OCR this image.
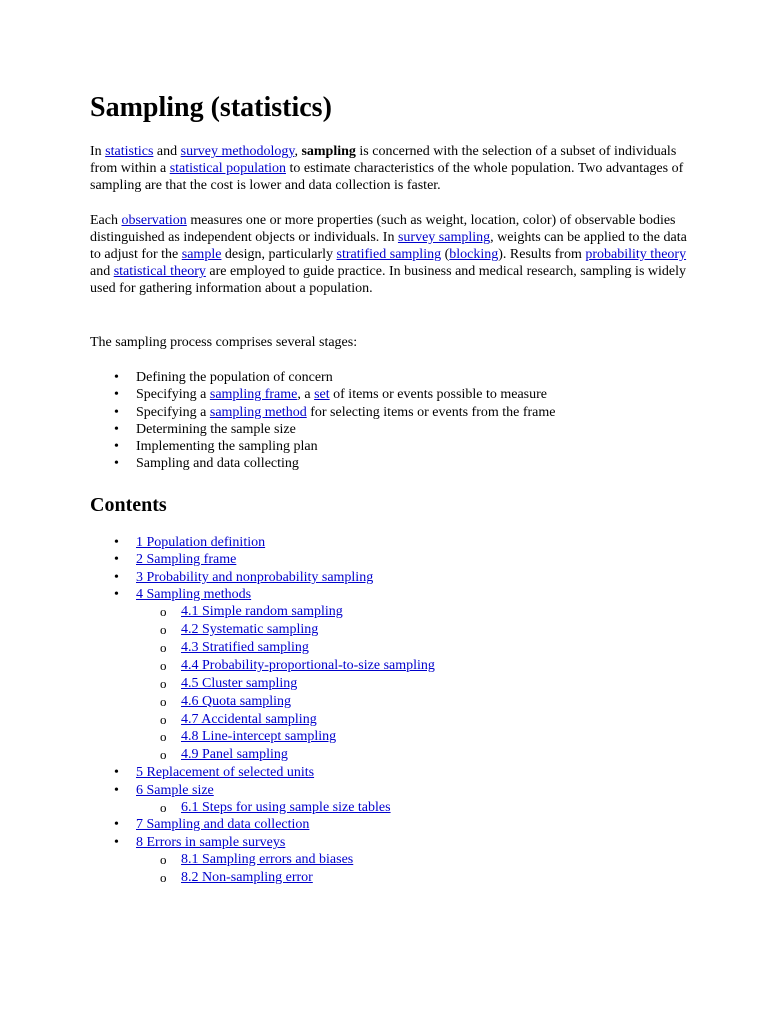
Sampling (statistics)

In statistics and survey methodology, sampling is concerned with the selection of a subset of individuals from within a statistical population to estimate characteristics of the whole population. Two advantages of sampling are that the cost is lower and data collection is faster.

Each observation measures one or more properties (such as weight, location, color) of observable bodies distinguished as independent objects or individuals. In survey sampling, weights can be applied to the data to adjust for the sample design, particularly stratified sampling (blocking). Results from probability theory and statistical theory are employed to guide practice. In business and medical research, sampling is widely used for gathering information about a population.

The sampling process comprises several stages:

• Defining the population of concern
• Specifying a sampling frame, a set of items or events possible to measure
• Specifying a sampling method for selecting items or events from the frame
• Determining the sample size
• Implementing the sampling plan
• Sampling and data collecting
Contents
• 1 Population definition
• 2 Sampling frame
• 3 Probability and nonprobability sampling
• 4 Sampling methods
o 4.1 Simple random sampling
o 4.2 Systematic sampling
o 4.3 Stratified sampling
o 4.4 Probability-proportional-to-size sampling
o 4.5 Cluster sampling
o 4.6 Quota sampling
o 4.7 Accidental sampling
o 4.8 Line-intercept sampling
o 4.9 Panel sampling
• 5 Replacement of selected units
• 6 Sample size
o 6.1 Steps for using sample size tables
• 7 Sampling and data collection
• 8 Errors in sample surveys
o 8.1 Sampling errors and biases
o 8.2 Non-sampling error
